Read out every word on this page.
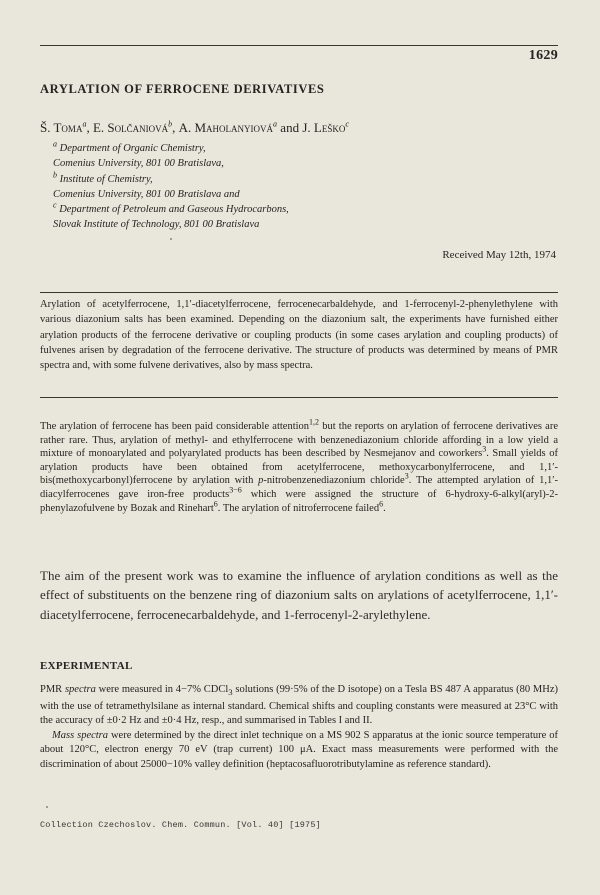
1629
ARYLATION OF FERROCENE DERIVATIVES

Š. Toma$^a$, E. Solčaniová$^b$, A. Maholanyiová$^a$ and J. Leško$^c$

$^a$ Department of Organic Chemistry,
Comenius University, 801 00 Bratislava,
$^b$ Institute of Chemistry,
Comenius University, 801 00 Bratislava and
$^c$ Department of Petroleum and Gaseous Hydrocarbons,
Slovak Institute of Technology, 801 00 Bratislava

Received May 12th, 1974

Arylation of acetylferrocene, 1,1′-diacetylferrocene, ferrocenecarbaldehyde, and 1-ferrocenyl-2-phenylethylene with various diazonium salts has been examined. Depending on the diazonium salt, the experiments have furnished either arylation products of the ferrocene derivative or coupling products (in some cases arylation and coupling products) of fulvenes arisen by degradation of the ferrocene derivative. The structure of products was determined by means of PMR spectra and, with some fulvene derivatives, also by mass spectra.

The arylation of ferrocene has been paid considerable attention$^{1,2}$ but the reports on arylation of ferrocene derivatives are rather rare. Thus, arylation of methyl- and ethylferrocene with benzenediazonium chloride affording in a low yield a mixture of monoarylated and polyarylated products has been described by Nesmejanov and coworkers$^3$. Small yields of arylation products have been obtained from acetylferrocene, methoxycarbonylferrocene, and 1,1′-bis(methoxycarbonyl)ferrocene by arylation with p-nitrobenzenediazonium chloride$^3$. The attempted arylation of 1,1′-diacylferrocenes gave iron-free products$^{3-6}$ which were assigned the structure of 6-hydroxy-6-alkyl(aryl)-2-phenylazofulvene by Bozak and Rinehart$^6$. The arylation of nitroferrocene failed$^6$.

The aim of the present work was to examine the influence of arylation conditions as well as the effect of substituents on the benzene ring of diazonium salts on arylations of acetylferrocene, 1,1′-diacetylferrocene, ferrocenecarbaldehyde, and 1-ferrocenyl-2-arylethylene.

EXPERIMENTAL

PMR spectra were measured in 4−7% CDCl$_3$ solutions (99·5% of the D isotope) on a Tesla BS 487 A apparatus (80 MHz) with the use of tetramethylsilane as internal standard. Chemical shifts and coupling constants were measured at 23°C with the accuracy of ±0·2 Hz and ±0·4 Hz, resp., and summarised in Tables I and II.
Mass spectra were determined by the direct inlet technique on a MS 902 S apparatus at the ionic source temperature of about 120°C, electron energy 70 eV (trap current) 100 μA. Exact mass measurements were performed with the discrimination of about 25000−10% valley definition (heptacosafluorotributylamine as reference standard).

Collection Czechoslov. Chem. Commun. [Vol. 40] [1975]
